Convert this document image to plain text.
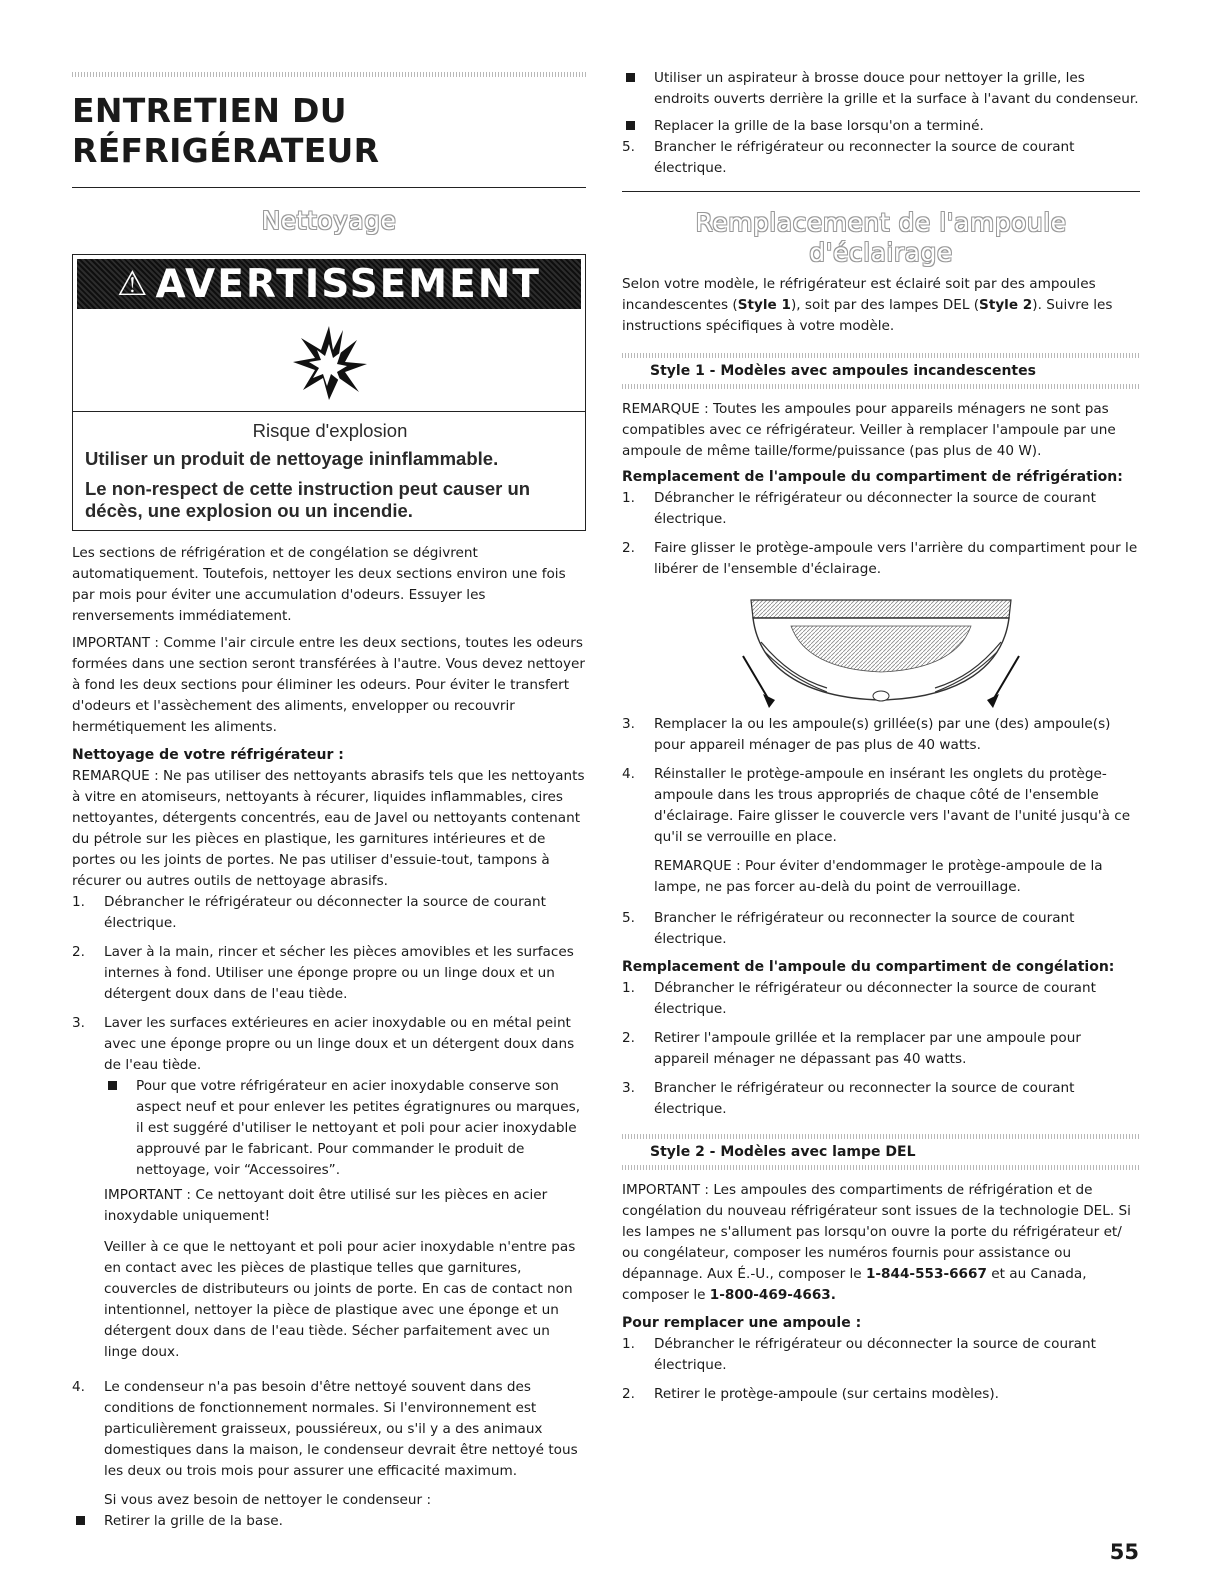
ENTRETIEN DU RÉFRIGÉRATEUR
Nettoyage
⚠ AVERTISSEMENT
Risque d'explosion
Utiliser un produit de nettoyage ininflammable.
Le non-respect de cette instruction peut causer un décès, une explosion ou un incendie.

Les sections de réfrigération et de congélation se dégivrent automatiquement. Toutefois, nettoyer les deux sections environ une fois par mois pour éviter une accumulation d'odeurs. Essuyer les renversements immédiatement.

IMPORTANT : Comme l'air circule entre les deux sections, toutes les odeurs formées dans une section seront transférées à l'autre. Vous devez nettoyer à fond les deux sections pour éliminer les odeurs. Pour éviter le transfert d'odeurs et l'assèchement des aliments, envelopper ou recouvrir hermétiquement les aliments.

Nettoyage de votre réfrigérateur :

REMARQUE : Ne pas utiliser des nettoyants abrasifs tels que les nettoyants à vitre en atomiseurs, nettoyants à récurer, liquides inflammables, cires nettoyantes, détergents concentrés, eau de Javel ou nettoyants contenant du pétrole sur les pièces en plastique, les garnitures intérieures et de portes ou les joints de portes. Ne pas utiliser d'essuie-tout, tampons à récurer ou autres outils de nettoyage abrasifs.

1. Débrancher le réfrigérateur ou déconnecter la source de courant électrique.
2. Laver à la main, rincer et sécher les pièces amovibles et les surfaces internes à fond. Utiliser une éponge propre ou un linge doux et un détergent doux dans de l'eau tiède.
3. Laver les surfaces extérieures en acier inoxydable ou en métal peint avec une éponge propre ou un linge doux et un détergent doux dans de l'eau tiède.
Pour que votre réfrigérateur en acier inoxydable conserve son aspect neuf et pour enlever les petites égratignures ou marques, il est suggéré d'utiliser le nettoyant et poli pour acier inoxydable approuvé par le fabricant. Pour commander le produit de nettoyage, voir “Accessoires”.

IMPORTANT : Ce nettoyant doit être utilisé sur les pièces en acier inoxydable uniquement!

Veiller à ce que le nettoyant et poli pour acier inoxydable n'entre pas en contact avec les pièces de plastique telles que garnitures, couvercles de distributeurs ou joints de porte. En cas de contact non intentionnel, nettoyer la pièce de plastique avec une éponge et un détergent doux dans de l'eau tiède. Sécher parfaitement avec un linge doux.

4. Le condenseur n'a pas besoin d'être nettoyé souvent dans des conditions de fonctionnement normales. Si l'environnement est particulièrement graisseux, poussiéreux, ou s'il y a des animaux domestiques dans la maison, le condenseur devrait être nettoyé tous les deux ou trois mois pour assurer une efficacité maximum.

Si vous avez besoin de nettoyer le condenseur :

Retirer la grille de la base.
Utiliser un aspirateur à brosse douce pour nettoyer la grille, les endroits ouverts derrière la grille et la surface à l'avant du condenseur.
Replacer la grille de la base lorsqu'on a terminé.
5. Brancher le réfrigérateur ou reconnecter la source de courant électrique.
Remplacement de l'ampoule d'éclairage

Selon votre modèle, le réfrigérateur est éclairé soit par des ampoules incandescentes (Style 1), soit par des lampes DEL (Style 2). Suivre les instructions spécifiques à votre modèle.

Style 1 - Modèles avec ampoules incandescentes

REMARQUE : Toutes les ampoules pour appareils ménagers ne sont pas compatibles avec ce réfrigérateur. Veiller à remplacer l'ampoule par une ampoule de même taille/forme/puissance (pas plus de 40 W).

Remplacement de l'ampoule du compartiment de réfrigération:
1. Débrancher le réfrigérateur ou déconnecter la source de courant électrique.
2. Faire glisser le protège-ampoule vers l'arrière du compartiment pour le libérer de l'ensemble d'éclairage.
3. Remplacer la ou les ampoule(s) grillée(s) par une (des) ampoule(s) pour appareil ménager de pas plus de 40 watts.
4. Réinstaller le protège-ampoule en insérant les onglets du protège-ampoule dans les trous appropriés de chaque côté de l'ensemble d'éclairage. Faire glisser le couvercle vers l'avant de l'unité jusqu'à ce qu'il se verrouille en place.

REMARQUE : Pour éviter d'endommager le protège-ampoule de la lampe, ne pas forcer au-delà du point de verrouillage.

5. Brancher le réfrigérateur ou reconnecter la source de courant électrique.
Remplacement de l'ampoule du compartiment de congélation:
1. Débrancher le réfrigérateur ou déconnecter la source de courant électrique.
2. Retirer l'ampoule grillée et la remplacer par une ampoule pour appareil ménager ne dépassant pas 40 watts.
3. Brancher le réfrigérateur ou reconnecter la source de courant électrique.
Style 2 - Modèles avec lampe DEL

IMPORTANT : Les ampoules des compartiments de réfrigération et de congélation du nouveau réfrigérateur sont issues de la technologie DEL. Si les lampes ne s'allument pas lorsqu'on ouvre la porte du réfrigérateur et/ ou congélateur, composer les numéros fournis pour assistance ou dépannage. Aux É.-U., composer le 1-844-553-6667 et au Canada, composer le 1-800-469-4663.

Pour remplacer une ampoule :
1. Débrancher le réfrigérateur ou déconnecter la source de courant électrique.
2. Retirer le protège-ampoule (sur certains modèles).
55
